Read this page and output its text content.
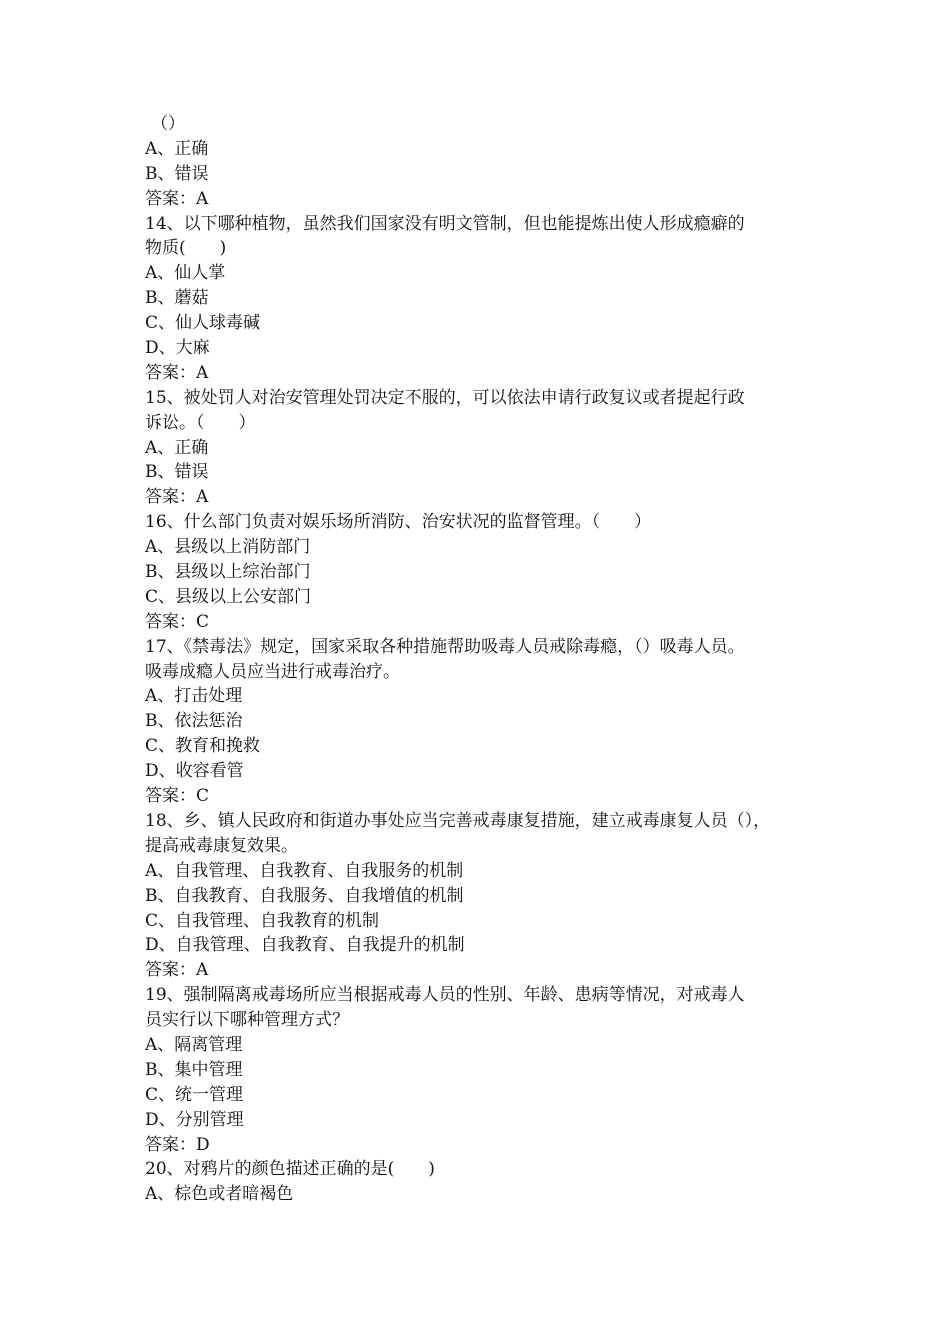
（）
A、正确
B、错误
答案：A
14、以下哪种植物，虽然我们国家没有明文管制，但也能提炼出使人形成瘾癖的
物质(　　)
A、仙人掌
B、蘑菇
C、仙人球毒碱
D、大麻
答案：A
15、被处罚人对治安管理处罚决定不服的，可以依法申请行政复议或者提起行政
诉讼。（　　）
A、正确
B、错误
答案：A
16、什么部门负责对娱乐场所消防、治安状况的监督管理。（　　）
A、县级以上消防部门
B、县级以上综治部门
C、县级以上公安部门
答案：C
17、《禁毒法》规定，国家采取各种措施帮助吸毒人员戒除毒瘾，（）吸毒人员。
吸毒成瘾人员应当进行戒毒治疗。
A、打击处理
B、依法惩治
C、教育和挽救
D、收容看管
答案：C
18、乡、镇人民政府和街道办事处应当完善戒毒康复措施，建立戒毒康复人员（），
提高戒毒康复效果。
A、自我管理、自我教育、自我服务的机制
B、自我教育、自我服务、自我增值的机制
C、自我管理、自我教育的机制
D、自我管理、自我教育、自我提升的机制
答案：A
19、强制隔离戒毒场所应当根据戒毒人员的性别、年龄、患病等情况，对戒毒人
员实行以下哪种管理方式？
A、隔离管理
B、集中管理
C、统一管理
D、分别管理
答案：D
20、对鸦片的颜色描述正确的是(　　)
A、棕色或者暗褐色
